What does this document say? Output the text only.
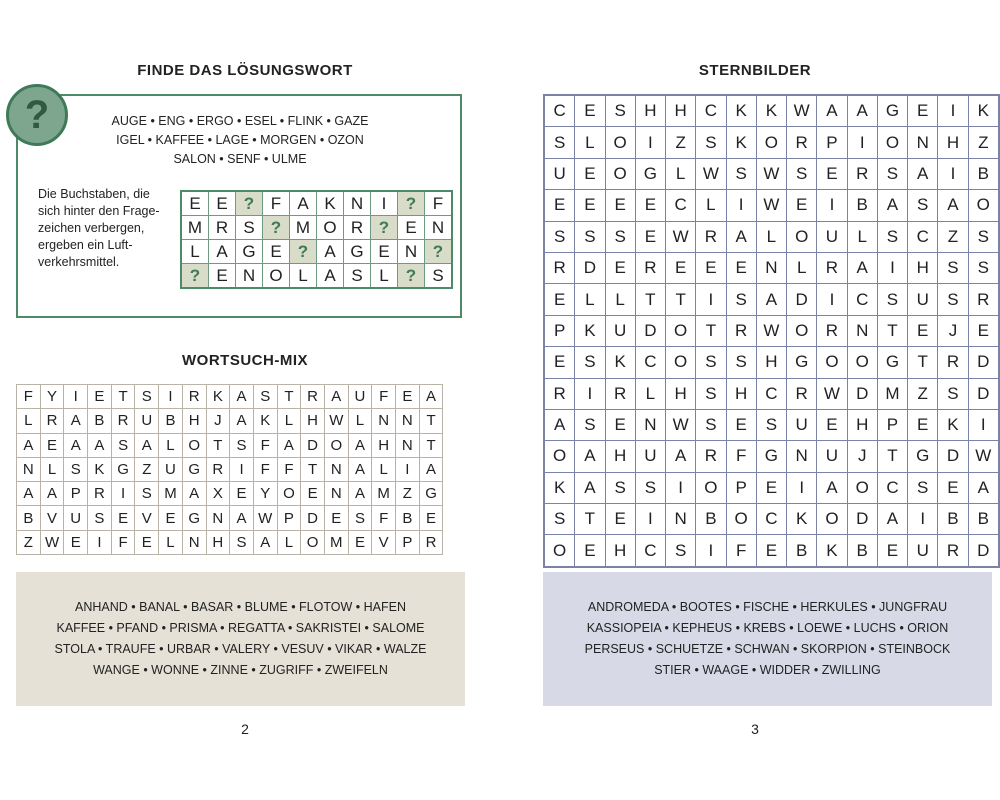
FINDE DAS LÖSUNGSWORT
?	AUGE • ENG • ERGO • ESEL • FLINK • GAZE
IGEL • KAFFEE • LAGE • MORGEN • OZON
SALON • SENF • ULME
Die Buchstaben, die
sich hinter den Frage-
zeichen verbergen,
ergeben ein Luft-
verkehrsmittel.
E	E	?	F	A	K	N	I	?	F
M	R	S	?	M	O	R	?	E	N
L	A	G	E	?	A	G	E	N	?
?	E	N	O	L	A	S	L	?	S
WORTSUCH-MIX
F	Y	I	E	T	S	I	R	K	A	S	T	R	A	U	F	E	A
L	R	A	B	R	U	B	H	J	A	K	L	H	W	L	N	N	T
A	E	A	A	S	A	L	O	T	S	F	A	D	O	A	H	N	T
N	L	S	K	G	Z	U	G	R	I	F	F	T	N	A	L	I	A
A	A	P	R	I	S	M	A	X	E	Y	O	E	N	A	M	Z	G
B	V	U	S	E	V	E	G	N	A	W	P	D	E	S	F	B	E
Z	W	E	I	F	E	L	N	H	S	A	L	O	M	E	V	P	R
ANHAND • BANAL • BASAR • BLUME • FLOTOW • HAFEN
KAFFEE • PFAND • PRISMA • REGATTA • SAKRISTEI • SALOME
STOLA • TRAUFE • URBAR • VALERY • VESUV • VIKAR • WALZE
WANGE • WONNE • ZINNE • ZUGRIFF • ZWEIFELN
2
STERNBILDER
C	E	S	H	H	C	K	K	W	A	A	G	E	I	K
S	L	O	I	Z	S	K	O	R	P	I	O	N	H	Z
U	E	O	G	L	W	S	W	S	E	R	S	A	I	B
E	E	E	E	C	L	I	W	E	I	B	A	S	A	O
S	S	S	E	W	R	A	L	O	U	L	S	C	Z	S
R	D	E	R	E	E	E	N	L	R	A	I	H	S	S
E	L	L	T	T	I	S	A	D	I	C	S	U	S	R
P	K	U	D	O	T	R	W	O	R	N	T	E	J	E
E	S	K	C	O	S	S	H	G	O	O	G	T	R	D
R	I	R	L	H	S	H	C	R	W	D	M	Z	S	D
A	S	E	N	W	S	E	S	U	E	H	P	E	K	I
O	A	H	U	A	R	F	G	N	U	J	T	G	D	W
K	A	S	S	I	O	P	E	I	A	O	C	S	E	A
S	T	E	I	N	B	O	C	K	O	D	A	I	B	B
O	E	H	C	S	I	F	E	B	K	B	E	U	R	D
ANDROMEDA • BOOTES • FISCHE • HERKULES • JUNGFRAU
KASSIOPEIA • KEPHEUS • KREBS • LOEWE • LUCHS • ORION
PERSEUS • SCHUETZE • SCHWAN • SKORPION • STEINBOCK
STIER • WAAGE • WIDDER • ZWILLING
3
